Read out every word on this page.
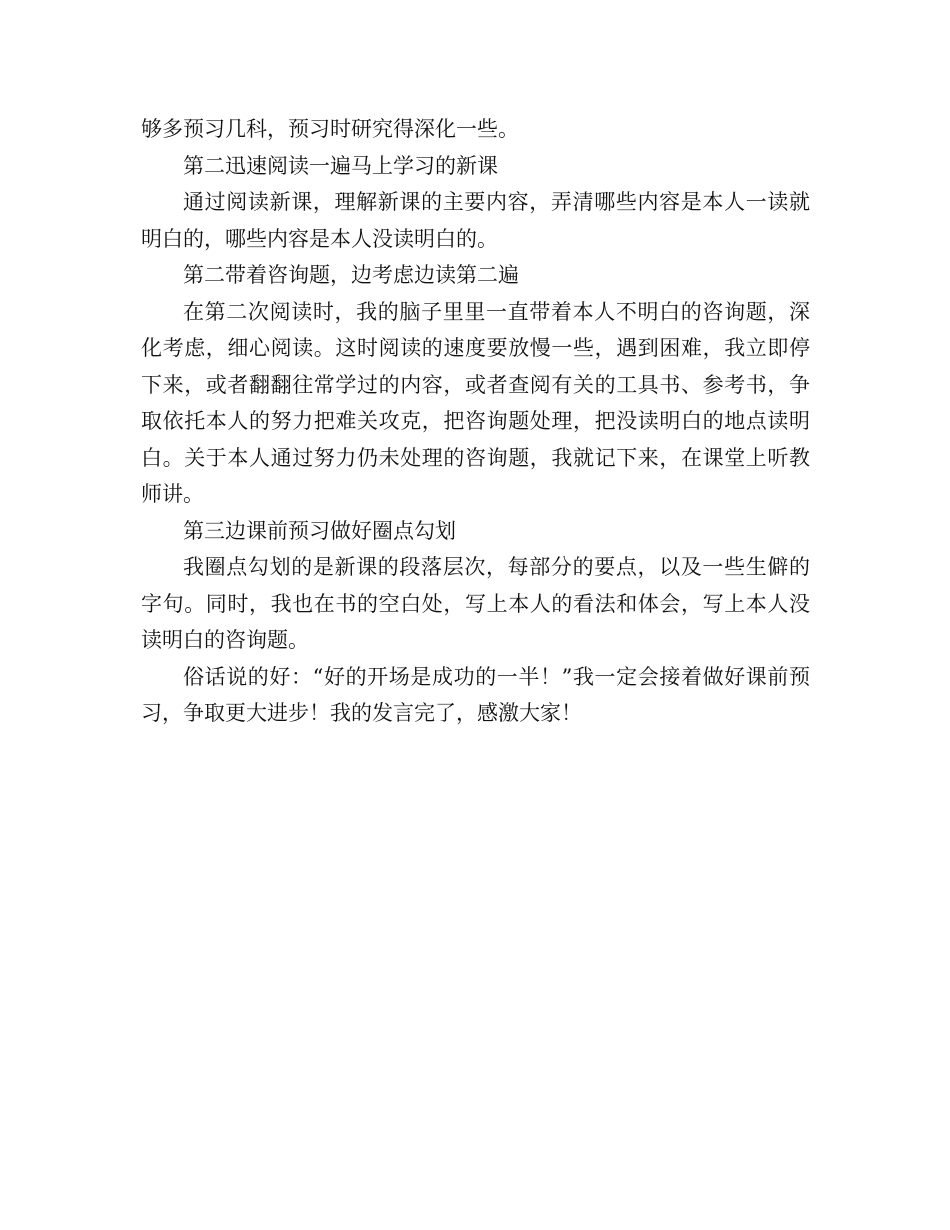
够多预习几科，预习时研究得深化一些。

第二迅速阅读一遍马上学习的新课

通过阅读新课，理解新课的主要内容，弄清哪些内容是本人一读就明白的，哪些内容是本人没读明白的。

第二带着咨询题，边考虑边读第二遍

在第二次阅读时，我的脑子里里一直带着本人不明白的咨询题，深化考虑，细心阅读。这时阅读的速度要放慢一些，遇到困难，我立即停下来，或者翻翻往常学过的内容，或者查阅有关的工具书、参考书，争取依托本人的努力把难关攻克，把咨询题处理，把没读明白的地点读明白。关于本人通过努力仍未处理的咨询题，我就记下来，在课堂上听教师讲。

第三边课前预习做好圈点勾划

我圈点勾划的是新课的段落层次，每部分的要点，以及一些生僻的字句。同时，我也在书的空白处，写上本人的看法和体会，写上本人没读明白的咨询题。

俗话说的好：“好的开场是成功的一半！”我一定会接着做好课前预习，争取更大进步！我的发言完了，感激大家！
